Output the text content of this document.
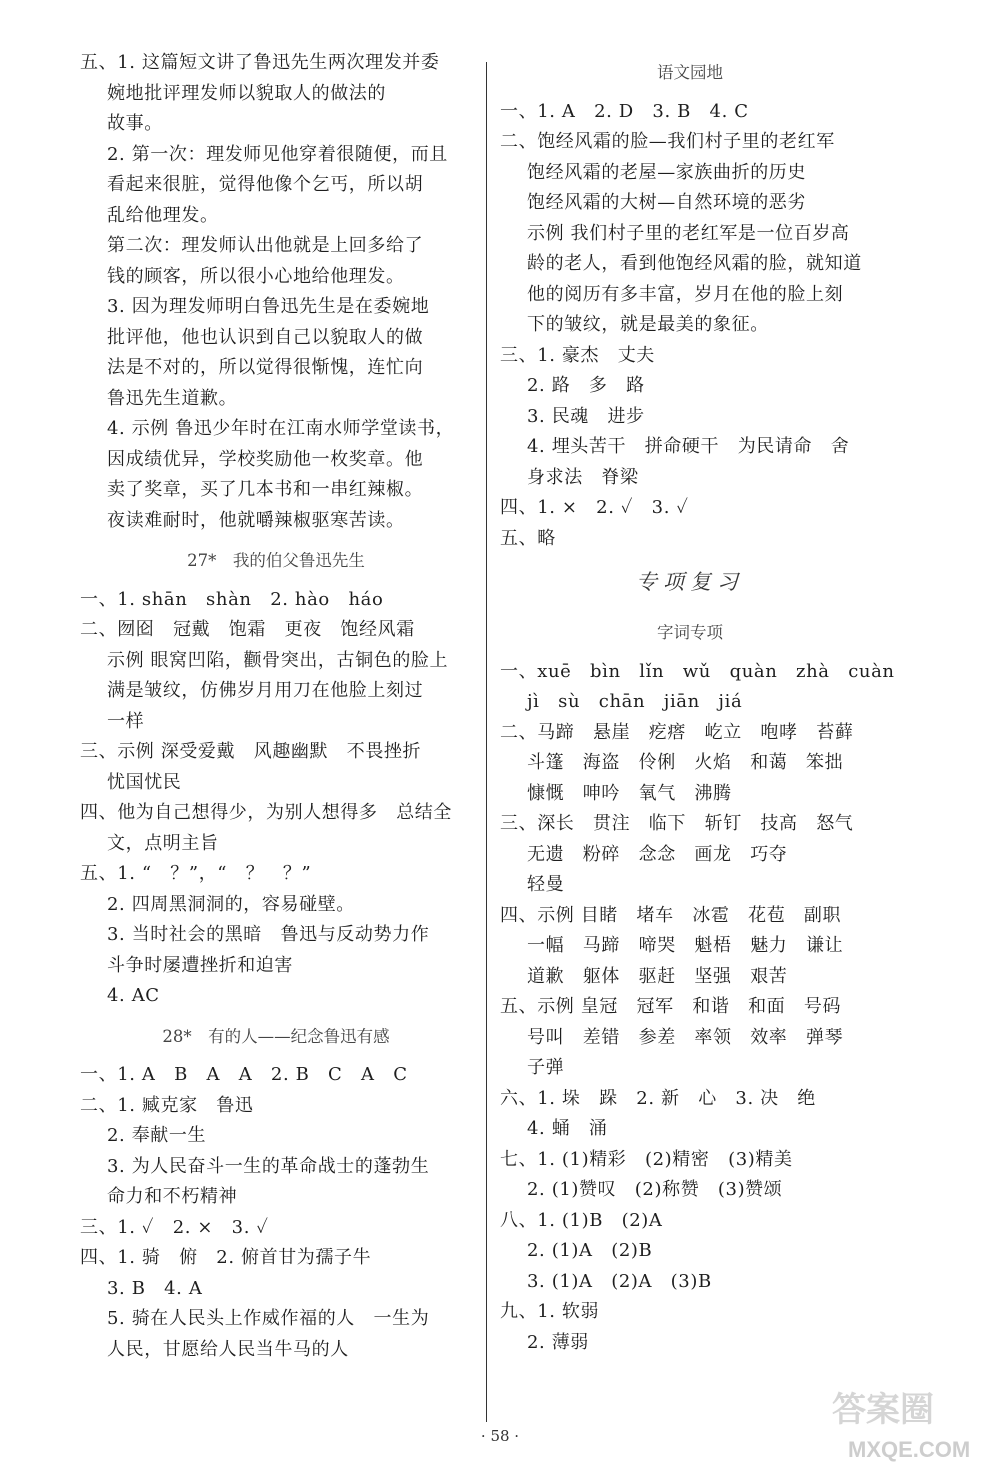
五、1. 这篇短文讲了鲁迅先生两次理发并委
婉地批评理发师以貌取人的做法的
故事。
2. 第一次：理发师见他穿着很随便，而且
看起来很脏，觉得他像个乞丐，所以胡
乱给他理发。
第二次：理发师认出他就是上回多给了
钱的顾客，所以很小心地给他理发。
3. 因为理发师明白鲁迅先生是在委婉地
批评他，他也认识到自己以貌取人的做
法是不对的，所以觉得很惭愧，连忙向
鲁迅先生道歉。
4. 示例 鲁迅少年时在江南水师学堂读书，
因成绩优异，学校奖励他一枚奖章。他
卖了奖章，买了几本书和一串红辣椒。
夜读难耐时，他就嚼辣椒驱寒苦读。
27*　我的伯父鲁迅先生
一、1. shān　shàn　2. hào　háo
二、囫囵　冠戴　饱霜　更夜　饱经风霜
示例 眼窝凹陷，颧骨突出，古铜色的脸上
满是皱纹，仿佛岁月用刀在他脸上刻过
一样
三、示例 深受爱戴　风趣幽默　不畏挫折
忧国忧民
四、他为自己想得少，为别人想得多　总结全
文，点明主旨
五、1. “　？”，“　？　？”
2. 四周黑洞洞的，容易碰壁。
3. 当时社会的黑暗　鲁迅与反动势力作
斗争时屡遭挫折和迫害
4. AC
28*　有的人——纪念鲁迅有感
一、1. A　B　A　A　2. B　C　A　C
二、1. 臧克家　鲁迅
2. 奉献一生
3. 为人民奋斗一生的革命战士的蓬勃生
命力和不朽精神
三、1. ✓　2. ×　3. ✓
四、1. 骑　俯　2. 俯首甘为孺子牛
3. B　4. A
5. 骑在人民头上作威作福的人　一生为
人民，甘愿给人民当牛马的人
语文园地
一、1. A　2. D　3. B　4. C
二、饱经风霜的脸—我们村子里的老红军
饱经风霜的老屋—家族曲折的历史
饱经风霜的大树—自然环境的恶劣
示例 我们村子里的老红军是一位百岁高
龄的老人，看到他饱经风霜的脸，就知道
他的阅历有多丰富，岁月在他的脸上刻
下的皱纹，就是最美的象征。
三、1. 豪杰　丈夫
2. 路　多　路
3. 民魂　进步
4. 埋头苦干　拼命硬干　为民请命　舍
身求法　脊梁
四、1. ×　2. ✓　3. ✓
五、略
专项复习
字词专项
一、xuē　bìn　lǐn　wǔ　quàn　zhà　cuàn
jì　sù　chān　jiān　jiá
二、马蹄　悬崖　疙瘩　屹立　咆哮　苔藓
斗篷　海盗　伶俐　火焰　和蔼　笨拙
慷慨　呻吟　氧气　沸腾
三、深长　贯注　临下　斩钉　技高　怒气
无遗　粉碎　念念　画龙　巧夺
轻曼
四、示例 目睹　堵车　冰雹　花苞　副职
一幅　马蹄　啼哭　魁梧　魅力　谦让
道歉　躯体　驱赶　坚强　艰苦
五、示例 皇冠　冠军　和谐　和面　号码
号叫　差错　参差　率领　效率　弹琴
子弹
六、1. 垛　跺　2. 新　心　3. 决　绝
4. 蛹　涌
七、1. (1)精彩　(2)精密　(3)精美
2. (1)赞叹　(2)称赞　(3)赞颂
八、1. (1)B　(2)A
2. (1)A　(2)B
3. (1)A　(2)A　(3)B
九、1. 软弱
2. 薄弱
· 58 ·
答案圈
MXQE.COM
